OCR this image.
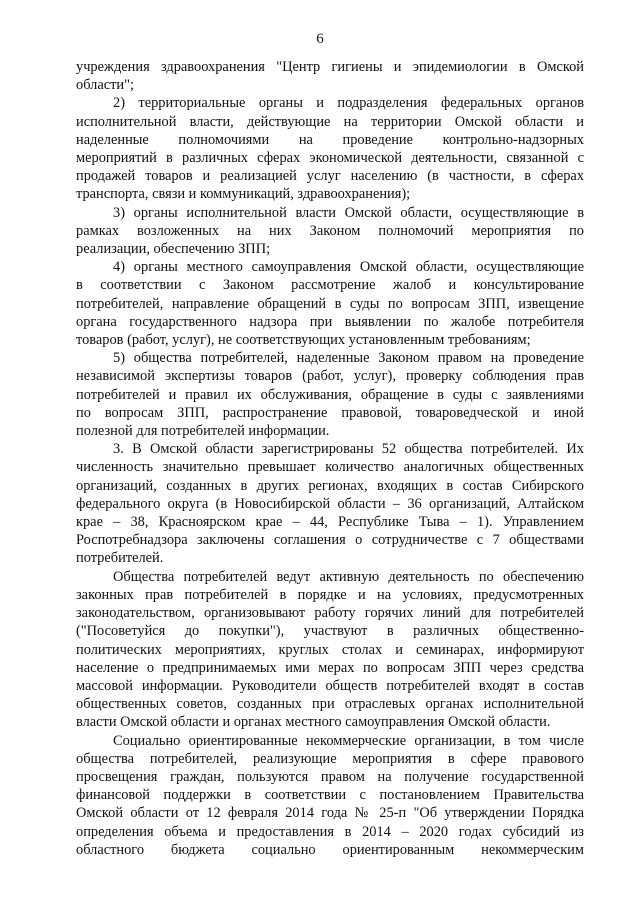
6
учреждения здравоохранения "Центр гигиены и эпидемиологии в Омской
области";
2) территориальные органы и подразделения федеральных органов
исполнительной власти, действующие на территории Омской области и
наделенные полномочиями на проведение контрольно-надзорных
мероприятий в различных сферах экономической деятельности, связанной с
продажей товаров и реализацией услуг населению (в частности, в сферах
транспорта, связи и коммуникаций, здравоохранения);
3) органы исполнительной власти Омской области, осуществляющие в
рамках возложенных на них Законом полномочий мероприятия по
реализации, обеспечению ЗПП;
4) органы местного самоуправления Омской области, осуществляющие
в соответствии с Законом рассмотрение жалоб и консультирование
потребителей, направление обращений в суды по вопросам ЗПП, извещение
органа государственного надзора при выявлении по жалобе потребителя
товаров (работ, услуг), не соответствующих установленным требованиям;
5) общества потребителей, наделенные Законом правом на проведение
независимой экспертизы товаров (работ, услуг), проверку соблюдения прав
потребителей и правил их обслуживания, обращение в суды с заявлениями
по вопросам ЗПП, распространение правовой, товароведческой и иной
полезной для потребителей информации.
3. В Омской области зарегистрированы 52 общества потребителей. Их
численность значительно превышает количество аналогичных общественных
организаций, созданных в других регионах, входящих в состав Сибирского
федерального округа (в Новосибирской области – 36 организаций, Алтайском
крае – 38, Красноярском крае – 44, Республике Тыва – 1). Управлением
Роспотребнадзора заключены соглашения о сотрудничестве с 7 обществами
потребителей.
Общества потребителей ведут активную деятельность по обеспечению
законных прав потребителей в порядке и на условиях, предусмотренных
законодательством, организовывают работу горячих линий для потребителей
("Посоветуйся до покупки"), участвуют в различных общественно-
политических мероприятиях, круглых столах и семинарах, информируют
население о предпринимаемых ими мерах по вопросам ЗПП через средства
массовой информации. Руководители обществ потребителей входят в состав
общественных советов, созданных при отраслевых органах исполнительной
власти Омской области и органах местного самоуправления Омской области.
Социально ориентированные некоммерческие организации, в том числе
общества потребителей, реализующие мероприятия в сфере правового
просвещения граждан, пользуются правом на получение государственной
финансовой поддержки в соответствии с постановлением Правительства
Омской области от 12 февраля 2014 года № 25-п "Об утверждении Порядка
определения объема и предоставления в 2014 – 2020 годах субсидий из
областного бюджета социально ориентированным некоммерческим
